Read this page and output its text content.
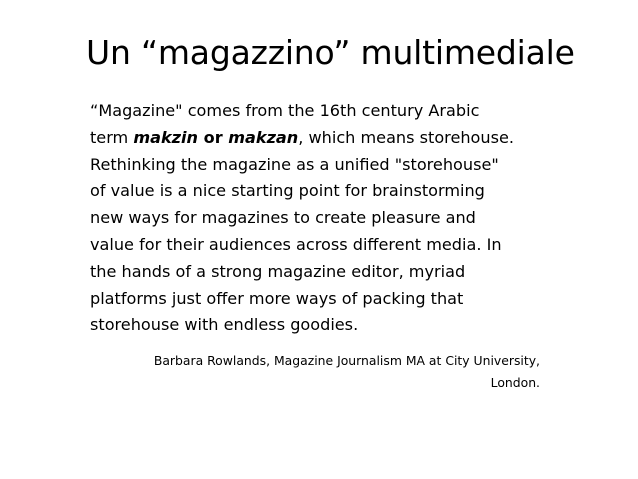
Un “magazzino” multimediale

“Magazine" comes from the 16th century Arabic
term makzin or makzan, which means storehouse.
Rethinking the magazine as a unified "storehouse"
of value is a nice starting point for brainstorming
new ways for magazines to create pleasure and
value for their audiences across different media. In
the hands of a strong magazine editor, myriad
platforms just offer more ways of packing that
storehouse with endless goodies.

Barbara Rowlands, Magazine Journalism MA at City University,
London.
